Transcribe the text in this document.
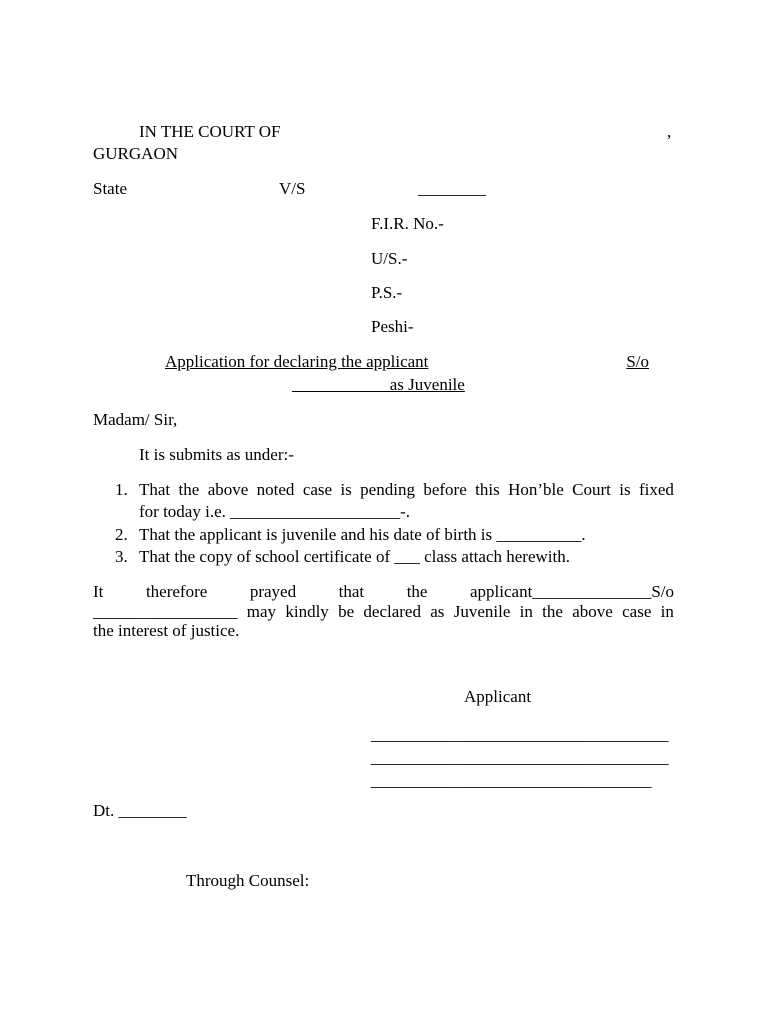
IN THE COURT OF	,
GURGAON
State	V/S	________
F.I.R. No.-
U/S.-
P.S.-
Peshi-
Application for declaring the applicant	S/o
___________ as Juvenile
Madam/ Sir,
It is submits as under:-
1. That the above noted case is pending before this Hon’ble Court is fixed
for today i.e. ____________________-.
2. That the applicant is juvenile and his date of birth is __________.
3. That the copy of school certificate of ___ class attach herewith.
It	therefore	prayed	that	the	applicant______________S/o
_________________ may kindly be declared as Juvenile in the above case in
the interest of justice.
Applicant
___________________________________
___________________________________
_________________________________
Dt. ________
Through Counsel:
